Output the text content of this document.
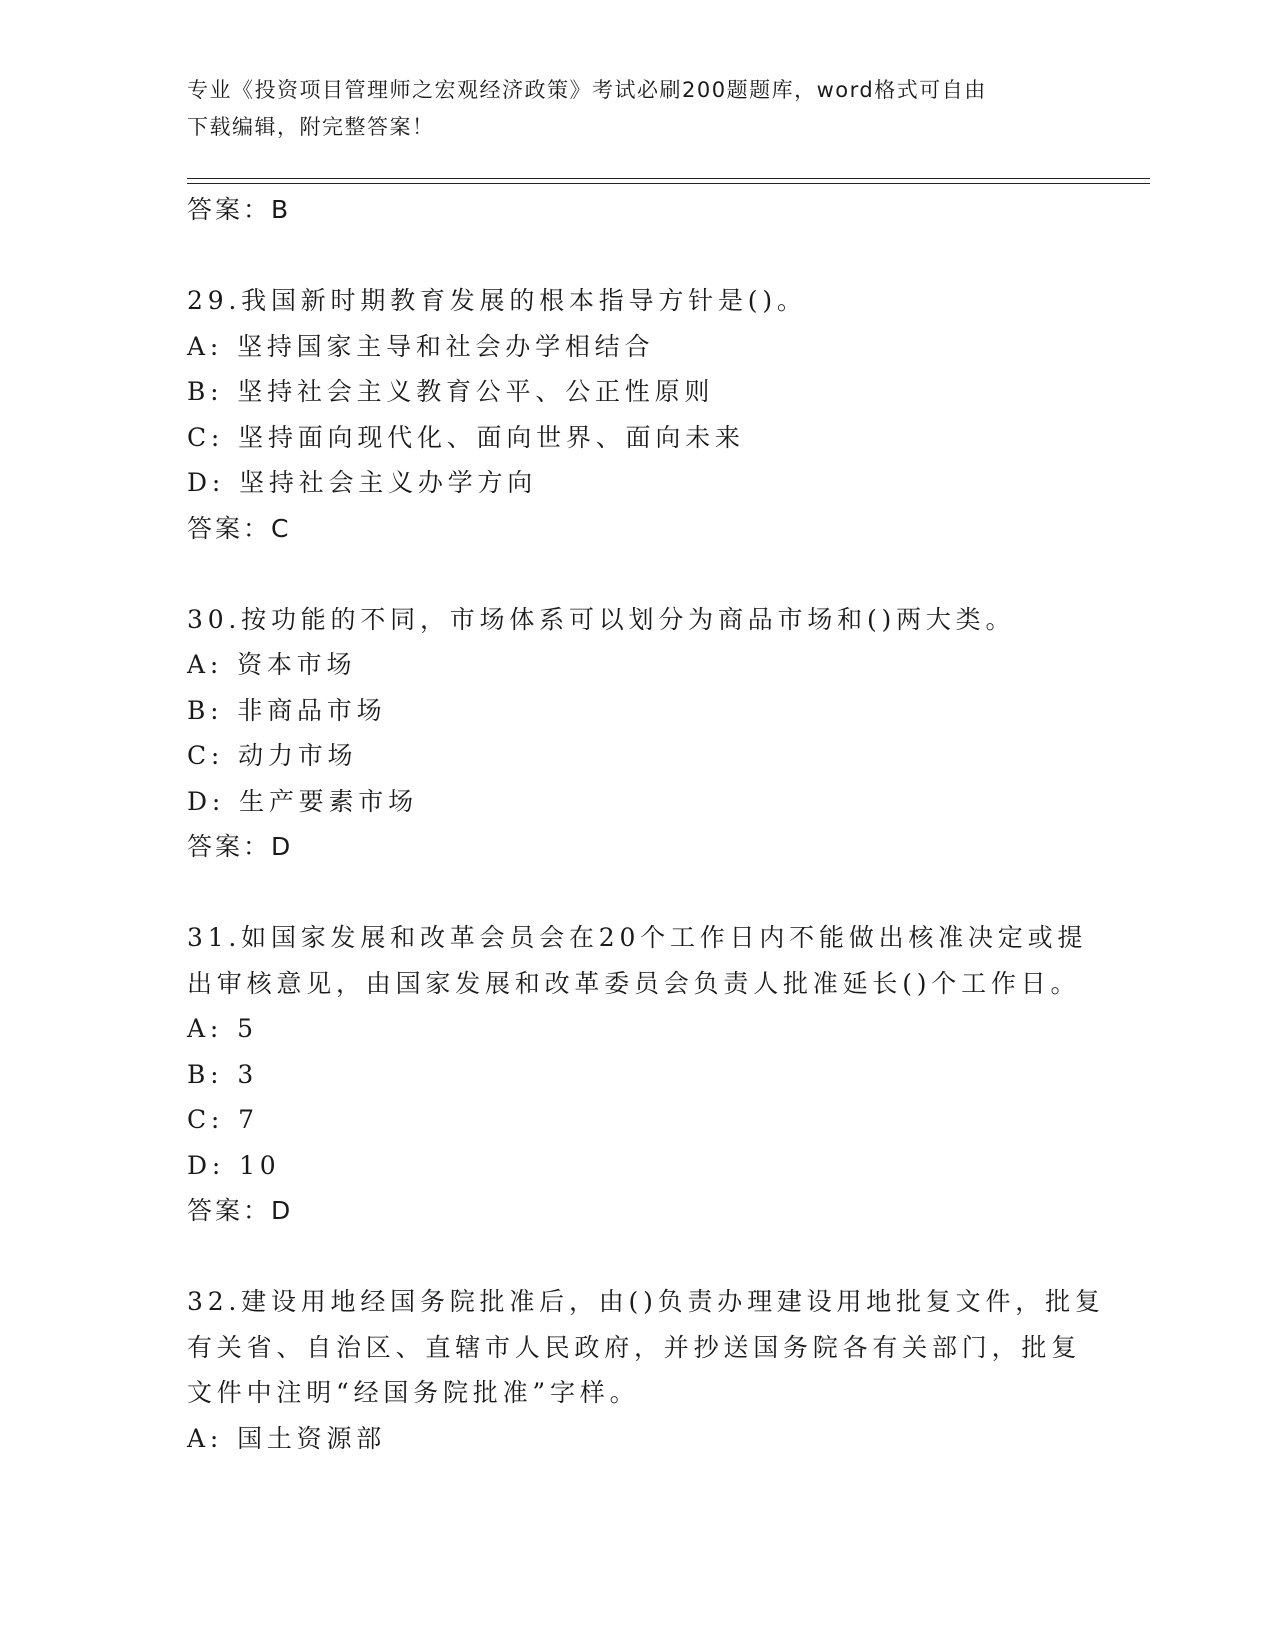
专业《投资项目管理师之宏观经济政策》考试必刷200题题库，word格式可自由
下载编辑，附完整答案！
答案：B
29.我国新时期教育发展的根本指导方针是()。
A: 坚持国家主导和社会办学相结合
B: 坚持社会主义教育公平、公正性原则
C: 坚持面向现代化、面向世界、面向未来
D: 坚持社会主义办学方向
答案：C
30.按功能的不同，市场体系可以划分为商品市场和()两大类。
A: 资本市场
B: 非商品市场
C: 动力市场
D: 生产要素市场
答案：D
31.如国家发展和改革会员会在20个工作日内不能做出核准决定或提
出审核意见，由国家发展和改革委员会负责人批准延长()个工作日。
A: 5
B: 3
C: 7
D: 10
答案：D
32.建设用地经国务院批准后，由()负责办理建设用地批复文件，批复
有关省、自治区、直辖市人民政府，并抄送国务院各有关部门，批复
文件中注明“经国务院批准”字样。
A: 国土资源部
